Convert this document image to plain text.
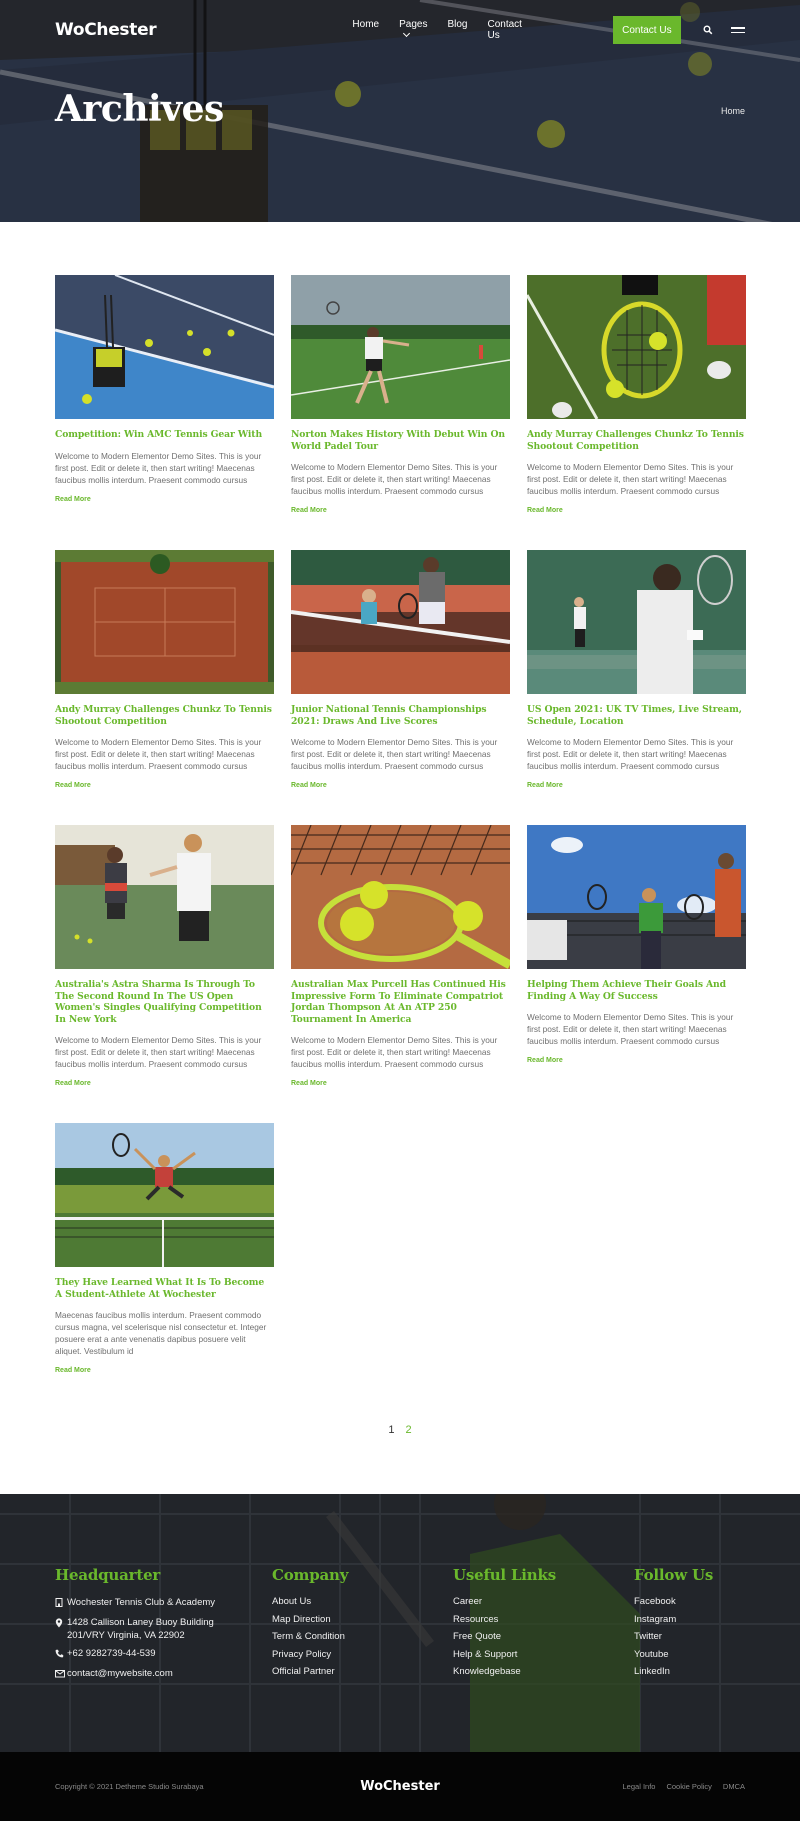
WoChester	Home Pages Blog Contact Us	Contact Us
Archives	Home
Competition: Win AMC Tennis Gear With

Welcome to Modern Elementor Demo Sites. This is your first post. Edit or delete it, then start writing! Maecenas faucibus mollis interdum. Praesent commodo cursus

Read More
Norton Makes History With Debut Win On World Padel Tour

Welcome to Modern Elementor Demo Sites. This is your first post. Edit or delete it, then start writing! Maecenas faucibus mollis interdum. Praesent commodo cursus

Read More
Andy Murray Challenges Chunkz To Tennis Shootout Competition

Welcome to Modern Elementor Demo Sites. This is your first post. Edit or delete it, then start writing! Maecenas faucibus mollis interdum. Praesent commodo cursus

Read More
Andy Murray Challenges Chunkz To Tennis Shootout Competition

Welcome to Modern Elementor Demo Sites. This is your first post. Edit or delete it, then start writing! Maecenas faucibus mollis interdum. Praesent commodo cursus

Read More
Junior National Tennis Championships 2021: Draws And Live Scores

Welcome to Modern Elementor Demo Sites. This is your first post. Edit or delete it, then start writing! Maecenas faucibus mollis interdum. Praesent commodo cursus

Read More
US Open 2021: UK TV Times, Live Stream, Schedule, Location

Welcome to Modern Elementor Demo Sites. This is your first post. Edit or delete it, then start writing! Maecenas faucibus mollis interdum. Praesent commodo cursus

Read More
Australia's Astra Sharma Is Through To The Second Round In The US Open Women's Singles Qualifying Competition In New York

Welcome to Modern Elementor Demo Sites. This is your first post. Edit or delete it, then start writing! Maecenas faucibus mollis interdum. Praesent commodo cursus

Read More
Australian Max Purcell Has Continued His Impressive Form To Eliminate Compatriot Jordan Thompson At An ATP 250 Tournament In America

Welcome to Modern Elementor Demo Sites. This is your first post. Edit or delete it, then start writing! Maecenas faucibus mollis interdum. Praesent commodo cursus

Read More
Helping Them Achieve Their Goals And Finding A Way Of Success

Welcome to Modern Elementor Demo Sites. This is your first post. Edit or delete it, then start writing! Maecenas faucibus mollis interdum. Praesent commodo cursus

Read More
They Have Learned What It Is To Become A Student-Athlete At Wochester

Maecenas faucibus mollis interdum. Praesent commodo cursus magna, vel scelerisque nisl consectetur et. Integer posuere erat a ante venenatis dapibus posuere velit aliquet. Vestibulum id

Read More
1 2
Headquarter
Wochester Tennis Club & Academy
1428 Callison Laney Buoy Building 201/VRY Virginia, VA 22902
+62 9282739-44-539
contact@mywebsite.com
Company
About Us
Map Direction
Term & Condition
Privacy Policy
Official Partner
Useful Links
Career
Resources
Free Quote
Help & Support
Knowledgebase
Follow Us
Facebook
Instagram
Twitter
Youtube
LinkedIn
Copyright © 2021 Detheme Studio Surabaya	WoChester	Legal Info Cookie Policy DMCA
